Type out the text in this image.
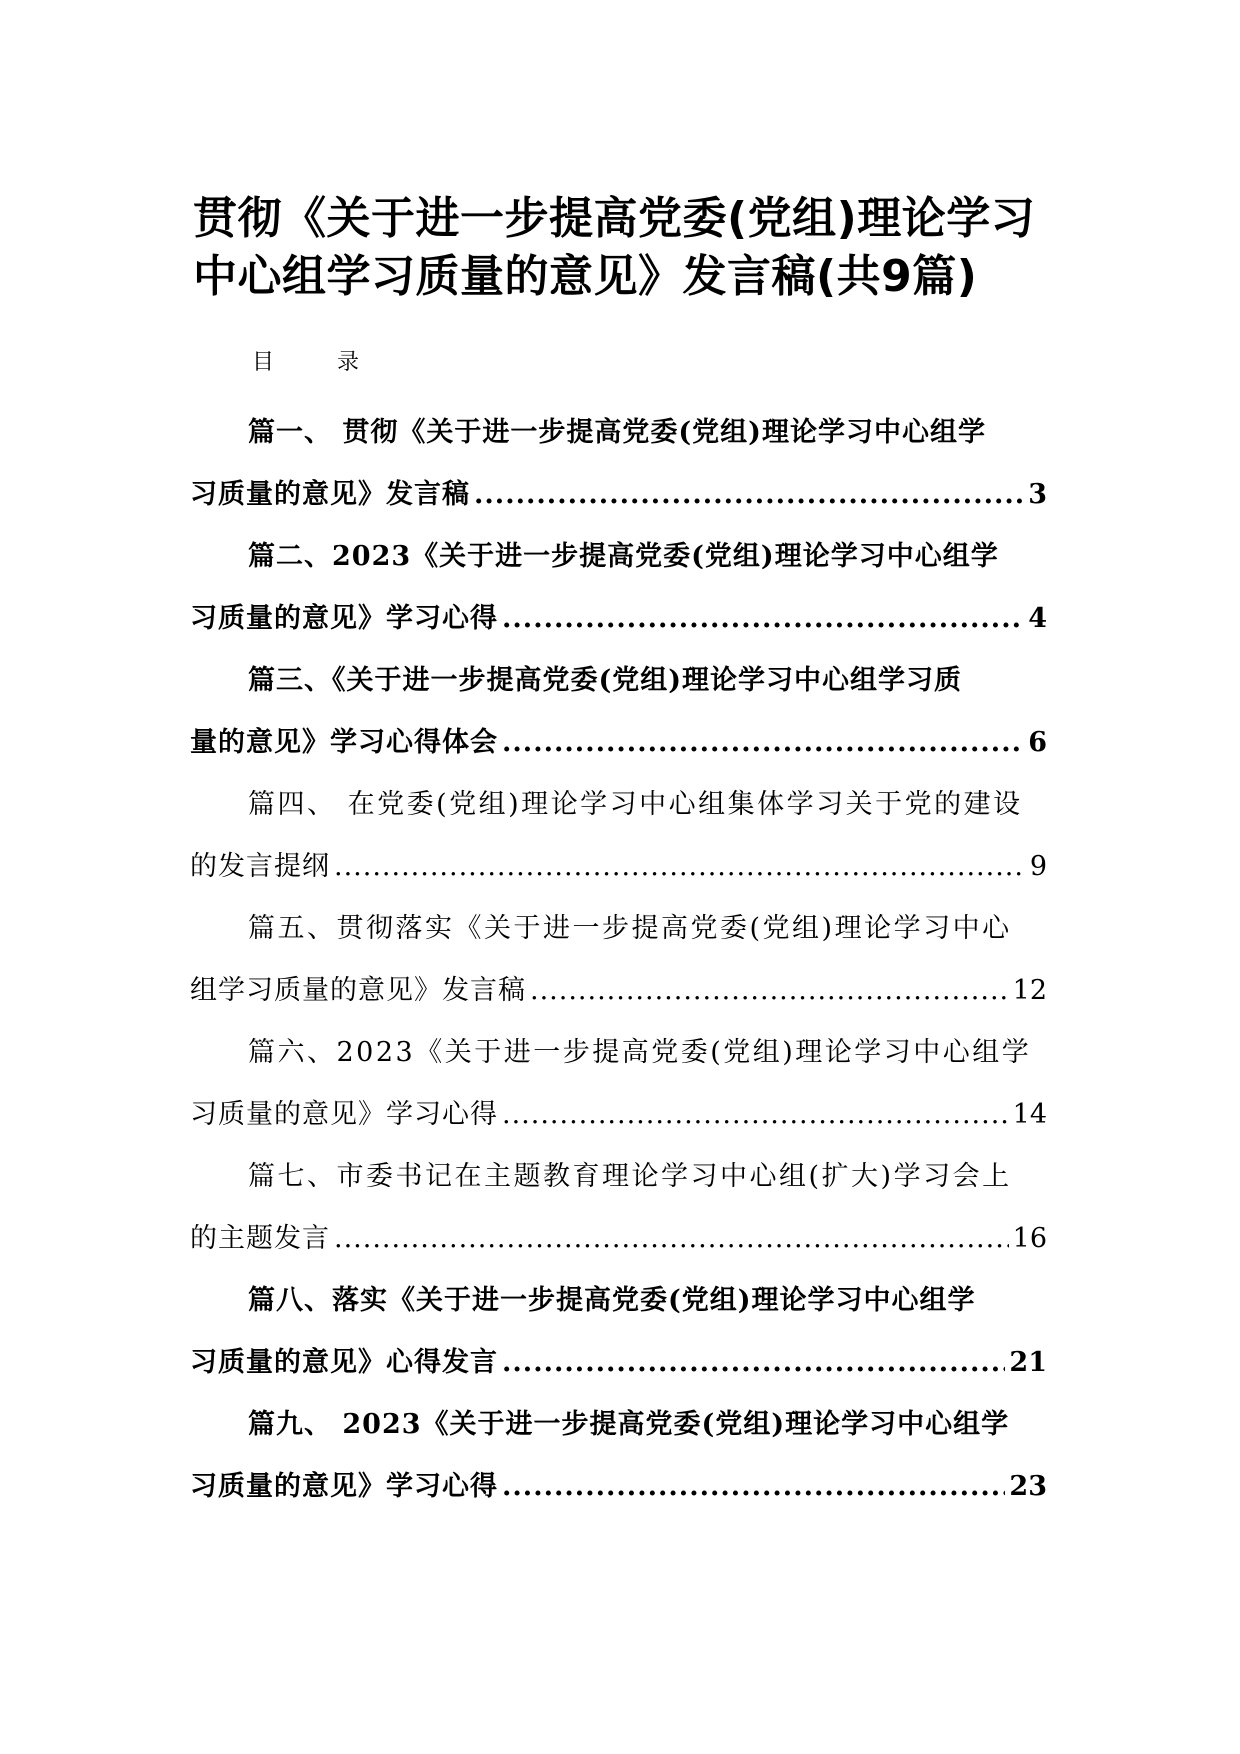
贯彻《关于进一步提高党委(党组)理论学习中心组学习质量的意见》发言稿(共9篇)
目 录
篇一、 贯彻《关于进一步提高党委(党组)理论学习中心组学
习质量的意见》发言稿 .....	3
篇二、2023《关于进一步提高党委(党组)理论学习中心组学
习质量的意见》学习心得 .....	4
篇三、《关于进一步提高党委(党组)理论学习中心组学习质
量的意见》学习心得体会 .....	6
篇四、 在党委(党组)理论学习中心组集体学习关于党的建设
的发言提纲 .....	9
篇五、贯彻落实《关于进一步提高党委(党组)理论学习中心
组学习质量的意见》发言稿 .....	12
篇六、2023《关于进一步提高党委(党组)理论学习中心组学
习质量的意见》学习心得 .....	14
篇七、市委书记在主题教育理论学习中心组(扩大)学习会上
的主题发言 .....	16
篇八、落实《关于进一步提高党委(党组)理论学习中心组学
习质量的意见》心得发言 .....	21
篇九、 2023《关于进一步提高党委(党组)理论学习中心组学
习质量的意见》学习心得 .....	23
